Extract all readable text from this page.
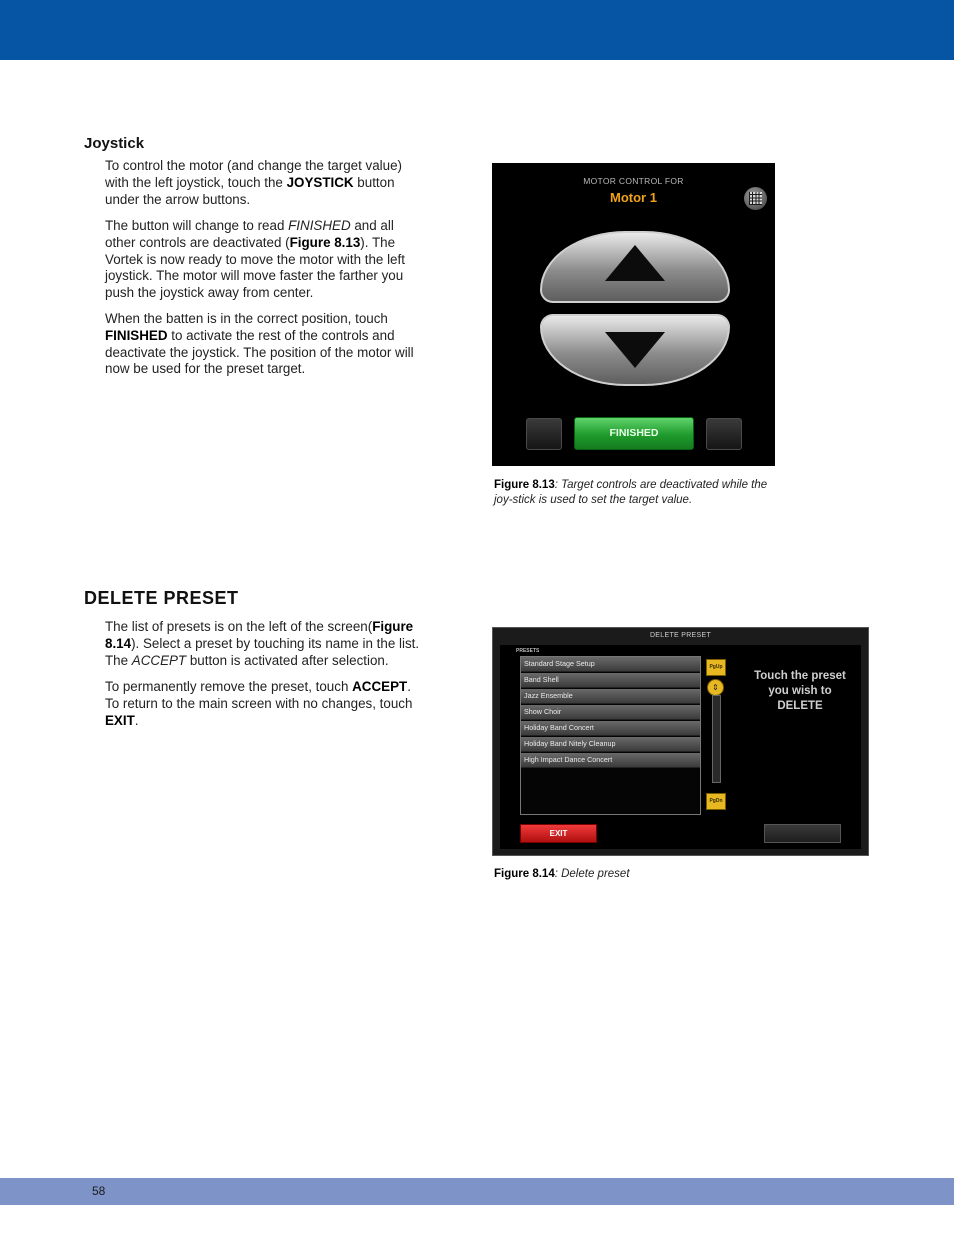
Joystick

To control the motor (and change the target value) with the left joystick, touch the JOYSTICK button under the arrow buttons.

The button will change to read FINISHED and all other controls are deactivated (Figure 8.13). The Vortek is now ready to move the motor with the left joystick. The motor will move faster the farther you push the joystick away from center.

When the batten is in the correct position, touch FINISHED to activate the rest of the controls and deactivate the joystick. The position of the motor will now be used for the preset target.

MOTOR CONTROL FOR
Motor 1
FINISHED

Figure 8.13: Target controls are deactivated while the joy-stick is used to set the target value.

DELETE PRESET

The list of presets is on the left of the screen(Figure 8.14). Select a preset by touching its name in the list. The ACCEPT button is activated after selection.

To permanently remove the preset, touch ACCEPT. To return to the main screen with no changes, touch EXIT.

DELETE PRESET
PRESETS
Standard Stage Setup
Band Shell
Jazz Ensemble
Show Choir
Holiday Band Concert
Holiday Band Nitely Cleanup
High Impact Dance Concert
PgUp
⇕
PgDn
Touch the preset you wish to DELETE
EXIT

Figure 8.14: Delete preset

58
